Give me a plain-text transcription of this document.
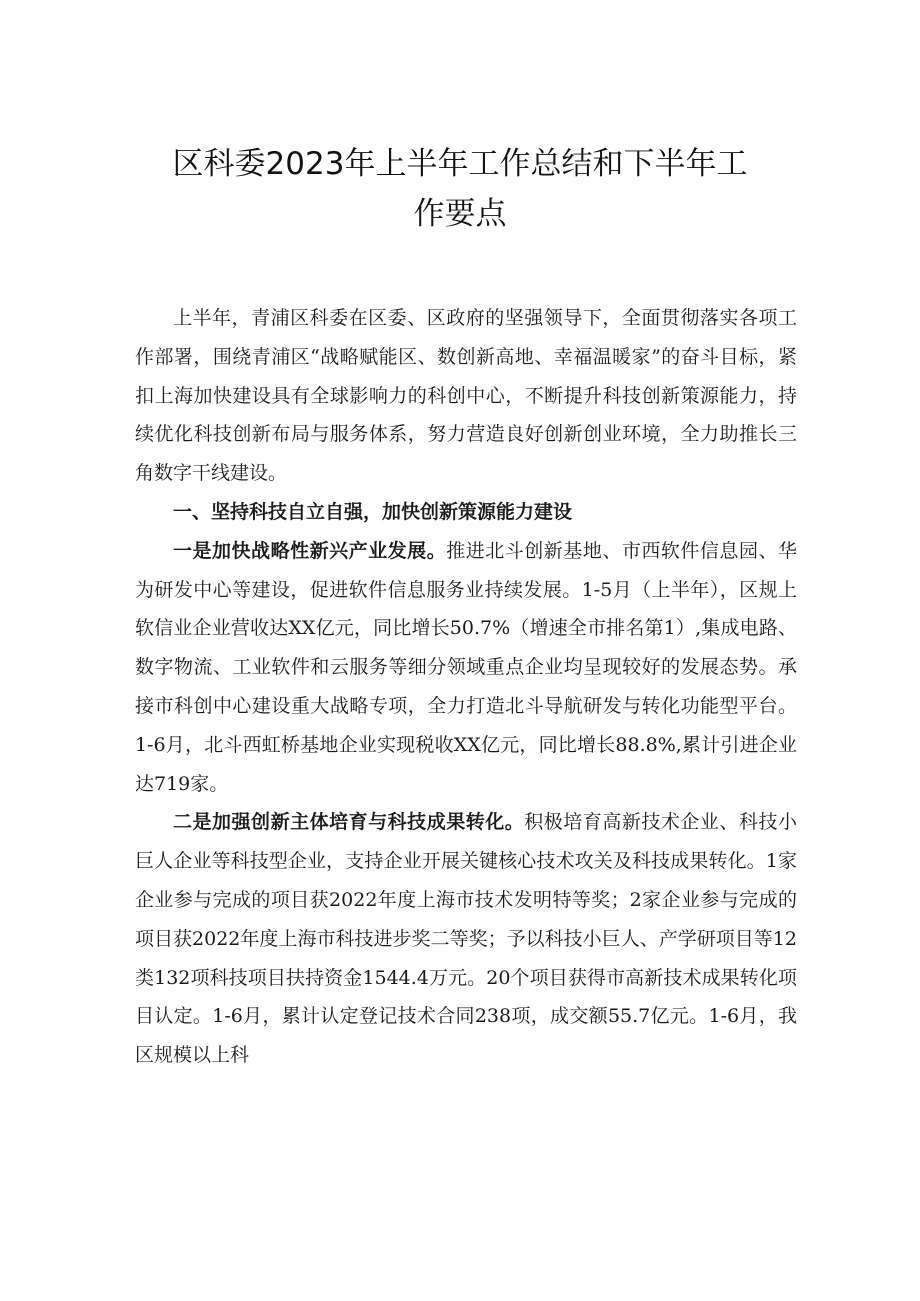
区科委2023年上半年工作总结和下半年工
作要点

上半年，青浦区科委在区委、区政府的坚强领导下，全面贯彻落实各项工作部署，围绕青浦区“战略赋能区、数创新高地、幸福温暖家”的奋斗目标，紧扣上海加快建设具有全球影响力的科创中心，不断提升科技创新策源能力，持续优化科技创新布局与服务体系，努力营造良好创新创业环境，全力助推长三角数字干线建设。

一、坚持科技自立自强，加快创新策源能力建设

一是加快战略性新兴产业发展。推进北斗创新基地、市西软件信息园、华为研发中心等建设，促进软件信息服务业持续发展。1-5月（上半年），区规上软信业企业营收达XX亿元，同比增长50.7%（增速全市排名第1）,集成电路、数字物流、工业软件和云服务等细分领域重点企业均呈现较好的发展态势。承接市科创中心建设重大战略专项，全力打造北斗导航研发与转化功能型平台。1-6月，北斗西虹桥基地企业实现税收XX亿元，同比增长88.8%,累计引进企业达719家。

二是加强创新主体培育与科技成果转化。积极培育高新技术企业、科技小巨人企业等科技型企业，支持企业开展关键核心技术攻关及科技成果转化。1家企业参与完成的项目获2022年度上海市技术发明特等奖；2家企业参与完成的项目获2022年度上海市科技进步奖二等奖；予以科技小巨人、产学研项目等12类132项科技项目扶持资金1544.4万元。20个项目获得市高新技术成果转化项目认定。1-6月，累计认定登记技术合同238项，成交额55.7亿元。1-6月，我区规模以上科
